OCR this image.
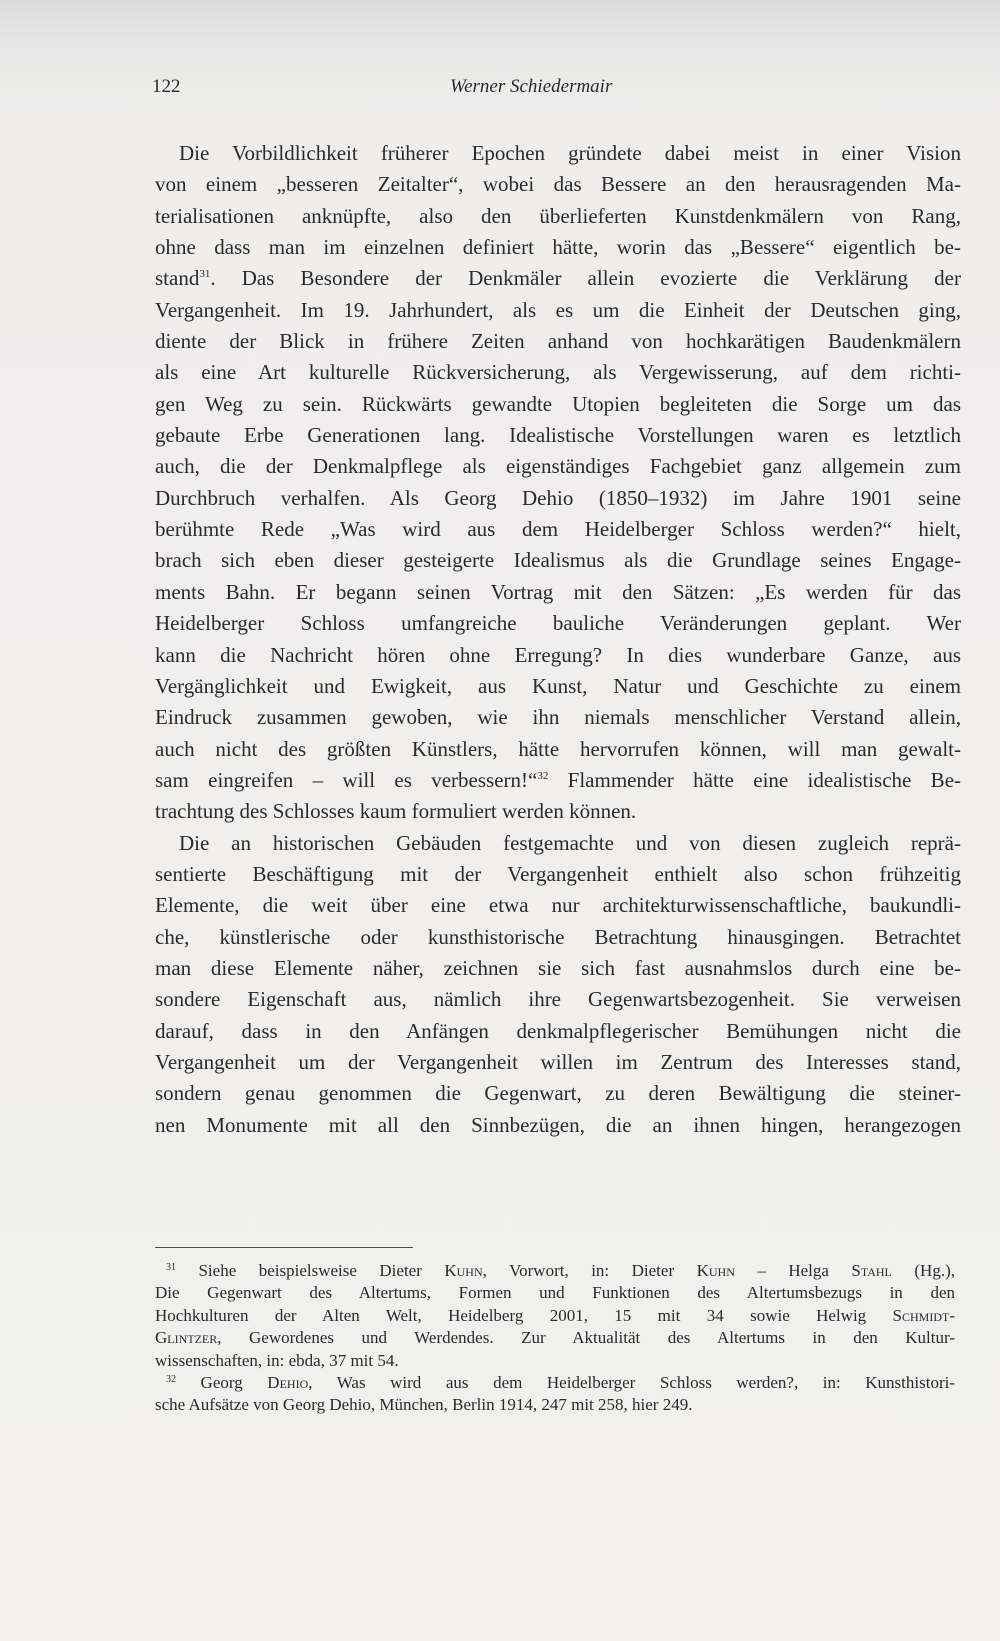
122	Werner Schiedermair
Die Vorbildlichkeit früherer Epochen gründete dabei meist in einer Vision
von einem „besseren Zeitalter“, wobei das Bessere an den herausragenden Ma-
terialisationen anknüpfte, also den überlieferten Kunstdenkmälern von Rang,
ohne dass man im einzelnen definiert hätte, worin das „Bessere“ eigentlich be-
stand$^{31}$. Das Besondere der Denkmäler allein evozierte die Verklärung der
Vergangenheit. Im 19. Jahrhundert, als es um die Einheit der Deutschen ging,
diente der Blick in frühere Zeiten anhand von hochkarätigen Baudenkmälern
als eine Art kulturelle Rückversicherung, als Vergewisserung, auf dem richti-
gen Weg zu sein. Rückwärts gewandte Utopien begleiteten die Sorge um das
gebaute Erbe Generationen lang. Idealistische Vorstellungen waren es letztlich
auch, die der Denkmalpflege als eigenständiges Fachgebiet ganz allgemein zum
Durchbruch verhalfen. Als Georg Dehio (1850–1932) im Jahre 1901 seine
berühmte Rede „Was wird aus dem Heidelberger Schloss werden?“ hielt,
brach sich eben dieser gesteigerte Idealismus als die Grundlage seines Engage-
ments Bahn. Er begann seinen Vortrag mit den Sätzen: „Es werden für das
Heidelberger Schloss umfangreiche bauliche Veränderungen geplant. Wer
kann die Nachricht hören ohne Erregung? In dies wunderbare Ganze, aus
Vergänglichkeit und Ewigkeit, aus Kunst, Natur und Geschichte zu einem
Eindruck zusammen gewoben, wie ihn niemals menschlicher Verstand allein,
auch nicht des größten Künstlers, hätte hervorrufen können, will man gewalt-
sam eingreifen – will es verbessern!“$^{32}$ Flammender hätte eine idealistische Be-
trachtung des Schlosses kaum formuliert werden können.
Die an historischen Gebäuden festgemachte und von diesen zugleich reprä-
sentierte Beschäftigung mit der Vergangenheit enthielt also schon frühzeitig
Elemente, die weit über eine etwa nur architekturwissenschaftliche, baukundli-
che, künstlerische oder kunsthistorische Betrachtung hinausgingen. Betrachtet
man diese Elemente näher, zeichnen sie sich fast ausnahmslos durch eine be-
sondere Eigenschaft aus, nämlich ihre Gegenwartsbezogenheit. Sie verweisen
darauf, dass in den Anfängen denkmalpflegerischer Bemühungen nicht die
Vergangenheit um der Vergangenheit willen im Zentrum des Interesses stand,
sondern genau genommen die Gegenwart, zu deren Bewältigung die steiner-
nen Monumente mit all den Sinnbezügen, die an ihnen hingen, herangezogen
$^{31}$ Siehe beispielsweise Dieter Kuhn, Vorwort, in: Dieter Kuhn – Helga Stahl (Hg.),
Die Gegenwart des Altertums, Formen und Funktionen des Altertumsbezugs in den
Hochkulturen der Alten Welt, Heidelberg 2001, 15 mit 34 sowie Helwig Schmidt-
Glintzer, Gewordenes und Werdendes. Zur Aktualität des Altertums in den Kultur-
wissenschaften, in: ebda, 37 mit 54.
$^{32}$ Georg Dehio, Was wird aus dem Heidelberger Schloss werden?, in: Kunsthistori-
sche Aufsätze von Georg Dehio, München, Berlin 1914, 247 mit 258, hier 249.
